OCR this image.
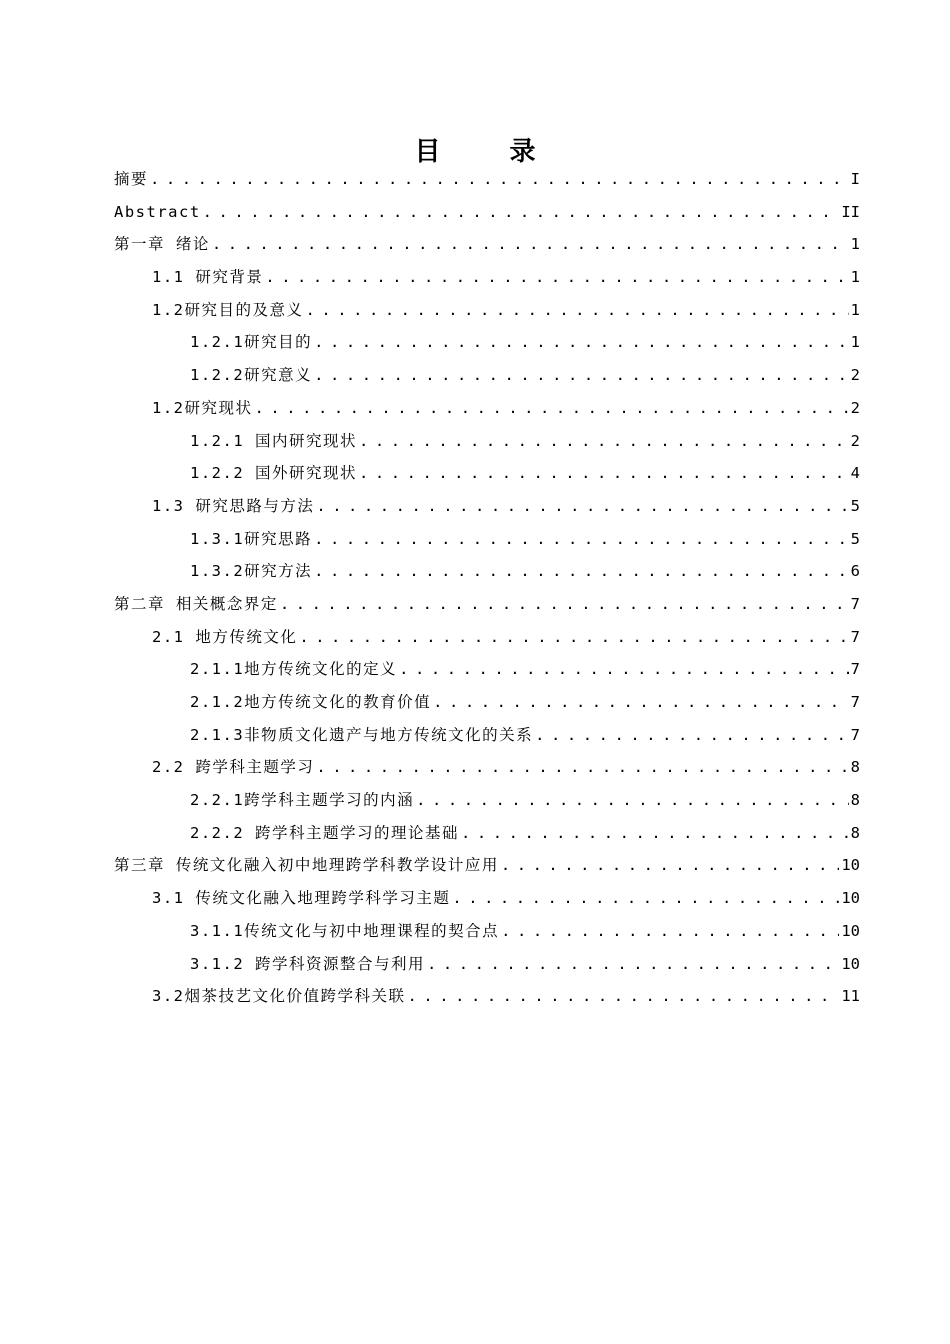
目 录
摘要 . . .	I
Abstract . . .	II
第一章 绪论 . . .	1
1.1 研究背景 . . .	1
1.2研究目的及意义 . . .	1
1.2.1研究目的 . . .	1
1.2.2研究意义 . . .	2
1.2研究现状 . . .	2
1.2.1 国内研究现状 . . .	2
1.2.2 国外研究现状 . . .	4
1.3 研究思路与方法 . . .	5
1.3.1研究思路 . . .	5
1.3.2研究方法 . . .	6
第二章 相关概念界定 . . .	7
2.1 地方传统文化 . . .	7
2.1.1地方传统文化的定义 . . .	7
2.1.2地方传统文化的教育价值 . . .	7
2.1.3非物质文化遗产与地方传统文化的关系 . . .	7
2.2 跨学科主题学习 . . .	8
2.2.1跨学科主题学习的内涵 . . .	8
2.2.2 跨学科主题学习的理论基础 . . .	8
第三章 传统文化融入初中地理跨学科教学设计应用 . . .	10
3.1 传统文化融入地理跨学科学习主题 . . .	10
3.1.1传统文化与初中地理课程的契合点 . . .	10
3.1.2 跨学科资源整合与利用 . . .	10
3.2烟茶技艺文化价值跨学科关联 . . .	11
